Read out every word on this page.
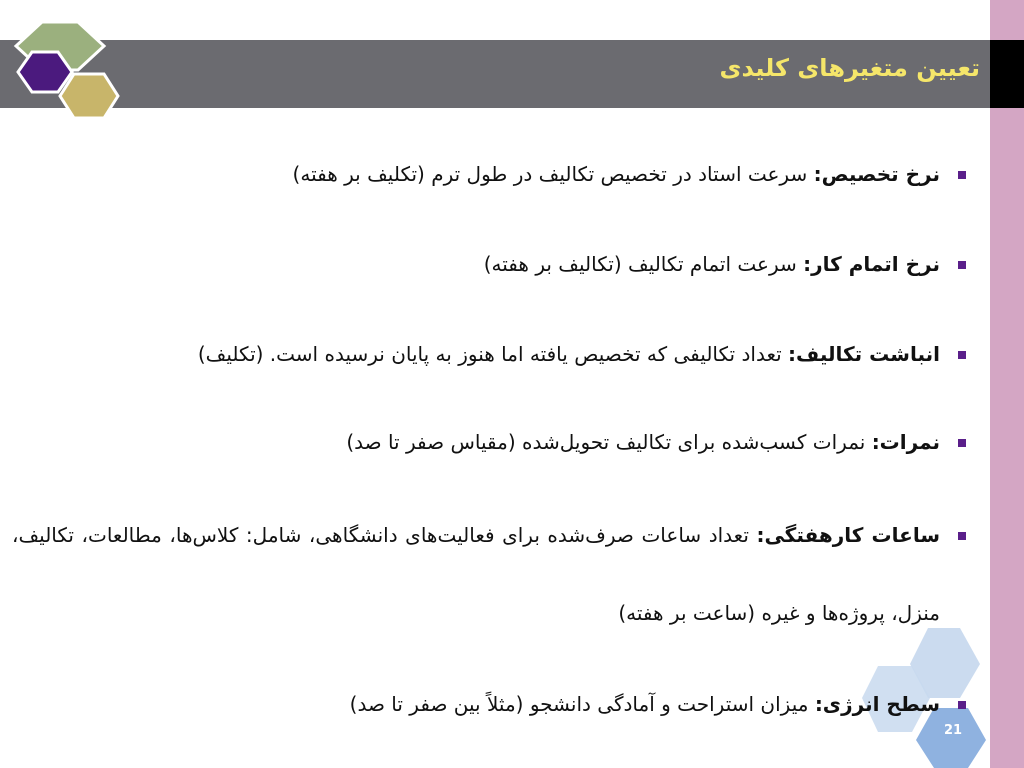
تعیین متغیرهای کلیدی
نرخ تخصیص: سرعت استاد در تخصیص تکالیف در طول ترم (تکلیف بر هفته)
نرخ اتمام کار: سرعت اتمام تکالیف (تکالیف بر هفته)
انباشت تکالیف: تعداد تکالیفی که تخصیص یافته اما هنوز به پایان نرسیده است. (تکلیف)
نمرات: نمرات کسب‌شده برای تکالیف تحویل‌شده (مقیاس صفر تا صد)
ساعات کارهفتگی: تعداد ساعات صرف‌شده برای فعالیت‌های دانشگاهی، شامل: کلاس‌ها، مطالعات، تکالیف، منزل، پروژه‌ها و غیره (ساعت بر هفته)
سطح انرژی: میزان استراحت و آمادگی دانشجو (مثلاً بین صفر تا صد)
21
